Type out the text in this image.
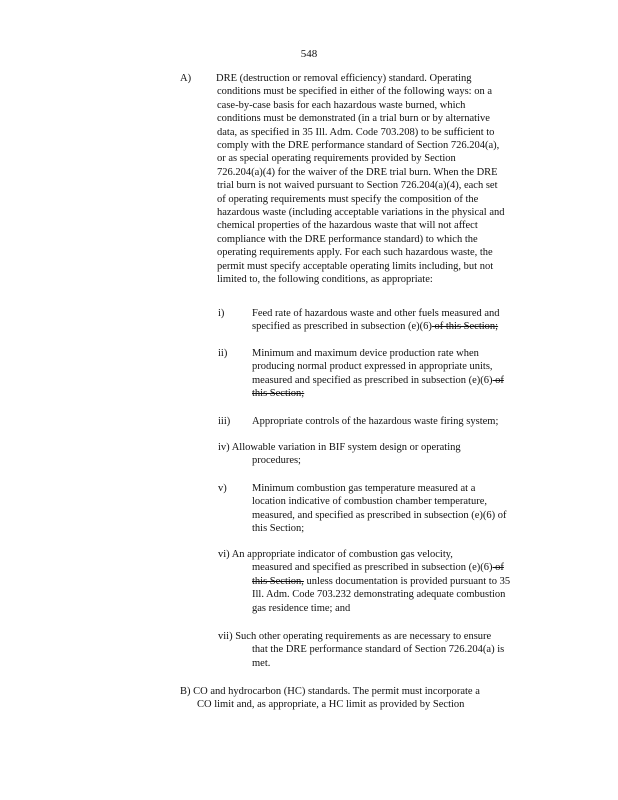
548
A) DRE (destruction or removal efficiency) standard. Operating
conditions must be specified in either of the following ways: on a
case-by-case basis for each hazardous waste burned, which
conditions must be demonstrated (in a trial burn or by alternative
data, as specified in 35 Ill. Adm. Code 703.208) to be sufficient to
comply with the DRE performance standard of Section 726.204(a),
or as special operating requirements provided by Section
726.204(a)(4) for the waiver of the DRE trial burn. When the DRE
trial burn is not waived pursuant to Section 726.204(a)(4), each set
of operating requirements must specify the composition of the
hazardous waste (including acceptable variations in the physical and
chemical properties of the hazardous waste that will not affect
compliance with the DRE performance standard) to which the
operating requirements apply. For each such hazardous waste, the
permit must specify acceptable operating limits including, but not
limited to, the following conditions, as appropriate:
i)	Feed rate of hazardous waste and other fuels measured and
specified as prescribed in subsection (e)(6) of this Section;
ii) Minimum and maximum device production rate when
producing normal product expressed in appropriate units,
measured and specified as prescribed in subsection (e)(6) of
this Section;
iii) Appropriate controls of the hazardous waste firing system;
iv) Allowable variation in BIF system design or operating
procedures;
v) Minimum combustion gas temperature measured at a
location indicative of combustion chamber temperature,
measured, and specified as prescribed in subsection (e)(6) of
this Section;
vi) An appropriate indicator of combustion gas velocity,
measured and specified as prescribed in subsection (e)(6) of
this Section, unless documentation is provided pursuant to 35
Ill. Adm. Code 703.232 demonstrating adequate combustion
gas residence time; and
vii) Such other operating requirements as are necessary to ensure
that the DRE performance standard of Section 726.204(a) is
met.
B) CO and hydrocarbon (HC) standards. The permit must incorporate a
CO limit and, as appropriate, a HC limit as provided by Section
